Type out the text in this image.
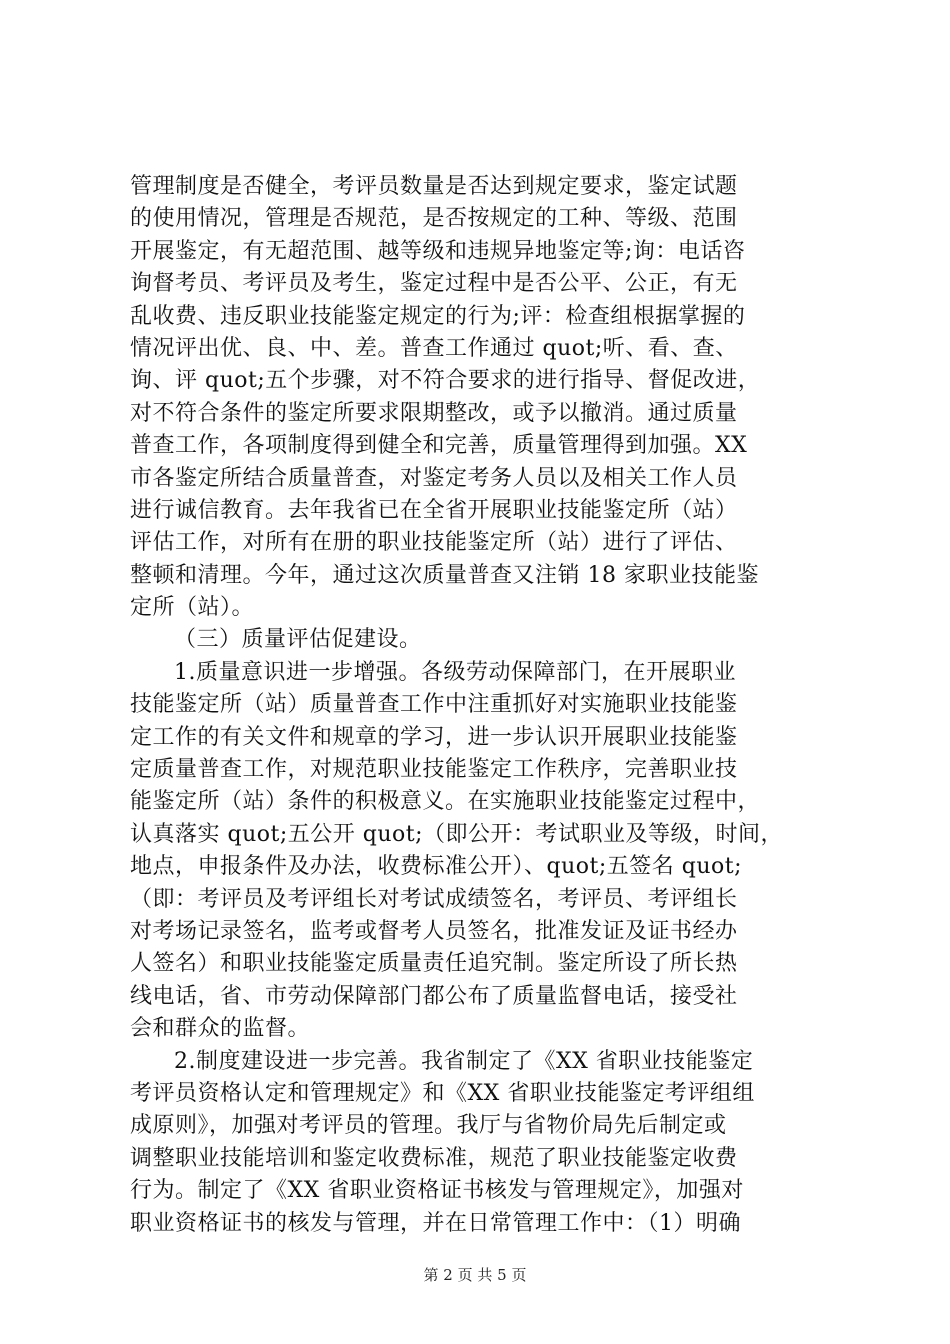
管理制度是否健全，考评员数量是否达到规定要求，鉴定试题
的使用情况，管理是否规范，是否按规定的工种、等级、范围
开展鉴定，有无超范围、越等级和违规异地鉴定等;询：电话咨
询督考员、考评员及考生，鉴定过程中是否公平、公正，有无
乱收费、违反职业技能鉴定规定的行为;评：检查组根据掌握的
情况评出优、良、中、差。普查工作通过 quot;听、看、查、
询、评 quot;五个步骤，对不符合要求的进行指导、督促改进，
对不符合条件的鉴定所要求限期整改，或予以撤消。通过质量
普查工作，各项制度得到健全和完善，质量管理得到加强。XX
市各鉴定所结合质量普查，对鉴定考务人员以及相关工作人员
进行诚信教育。去年我省已在全省开展职业技能鉴定所（站）
评估工作，对所有在册的职业技能鉴定所（站）进行了评估、
整顿和清理。今年，通过这次质量普查又注销 18 家职业技能鉴
定所（站）。
（三）质量评估促建设。
1.质量意识进一步增强。各级劳动保障部门，在开展职业
技能鉴定所（站）质量普查工作中注重抓好对实施职业技能鉴
定工作的有关文件和规章的学习，进一步认识开展职业技能鉴
定质量普查工作，对规范职业技能鉴定工作秩序，完善职业技
能鉴定所（站）条件的积极意义。在实施职业技能鉴定过程中，
认真落实 quot;五公开 quot;（即公开：考试职业及等级，时间，
地点，申报条件及办法，收费标准公开）、quot;五签名 quot;
（即：考评员及考评组长对考试成绩签名，考评员、考评组长
对考场记录签名，监考或督考人员签名，批准发证及证书经办
人签名）和职业技能鉴定质量责任追究制。鉴定所设了所长热
线电话，省、市劳动保障部门都公布了质量监督电话，接受社
会和群众的监督。
2.制度建设进一步完善。我省制定了《XX 省职业技能鉴定
考评员资格认定和管理规定》和《XX 省职业技能鉴定考评组组
成原则》，加强对考评员的管理。我厅与省物价局先后制定或
调整职业技能培训和鉴定收费标准，规范了职业技能鉴定收费
行为。制定了《XX 省职业资格证书核发与管理规定》，加强对
职业资格证书的核发与管理，并在日常管理工作中：（1）明确
第 2 页 共 5 页
